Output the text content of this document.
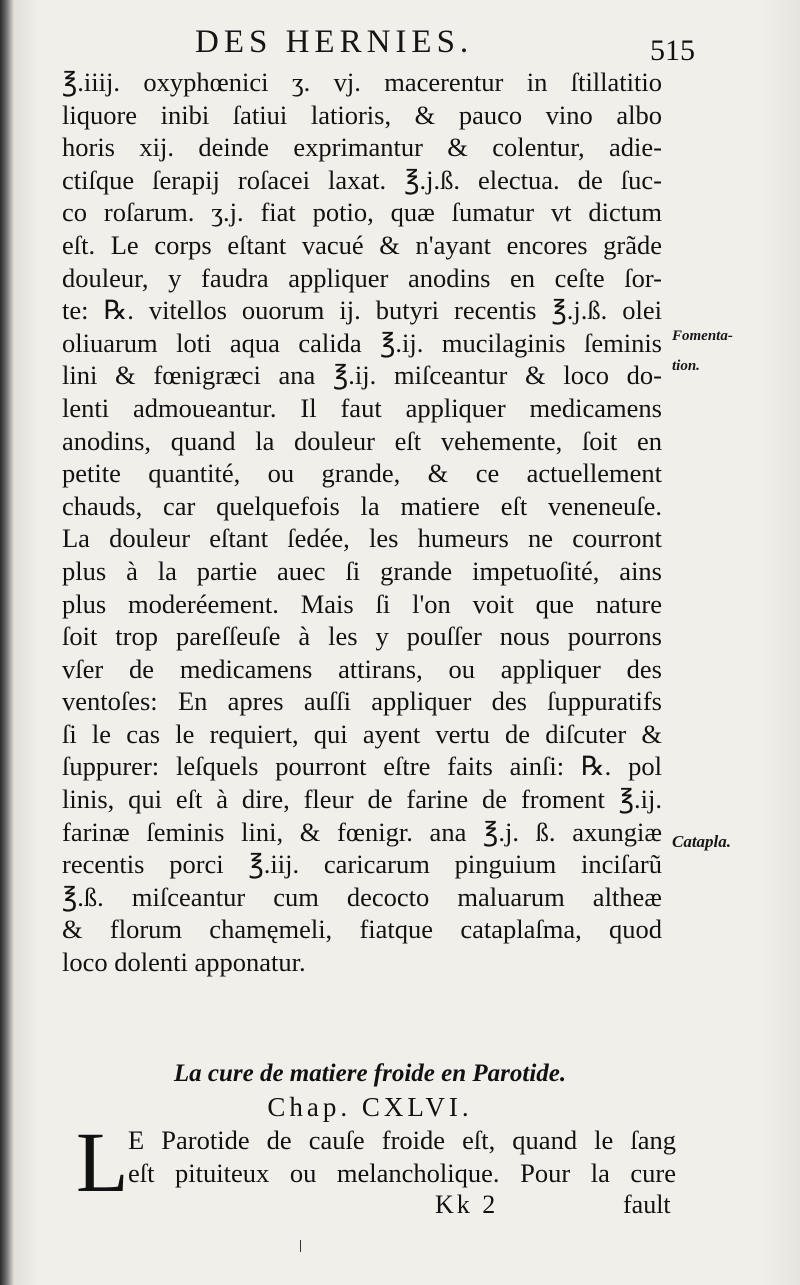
DES HERNIES.	515
℥.iiij. oxyphœnici ʒ. vj. macerentur in ſtillatitio
liquore inibi ſatiui latioris, & pauco vino albo
horis xij. deinde exprimantur & colentur, adie-
ctiſque ſerapij roſacei laxat. ℥.j.ß. electua. de ſuc-
co roſarum. ʒ.j. fiat potio, quæ ſumatur vt dictum
eſt. Le corps eſtant vacué & n'ayant encores grãde
douleur, y faudra appliquer anodins en ceſte ſor-
te: ℞. vitellos ouorum ij. butyri recentis ℥.j.ß. olei
oliuarum loti aqua calida ℥.ij. mucilaginis ſeminis
lini & fœnigræci ana ℥.ij. miſceantur & loco do-
lenti admoueantur. Il faut appliquer medicamens
anodins, quand la douleur eſt vehemente, ſoit en
petite quantité, ou grande, & ce actuellement
chauds, car quelquefois la matiere eſt veneneuſe.
La douleur eſtant ſedée, les humeurs ne courront
plus à la partie auec ſi grande impetuoſité, ains
plus moderéement. Mais ſi l'on voit que nature
ſoit trop pareſſeuſe à les y pouſſer nous pourrons
vſer de medicamens attirans, ou appliquer des
ventoſes: En apres auſſi appliquer des ſuppuratifs
ſi le cas le requiert, qui ayent vertu de diſcuter &
ſuppurer: leſquels pourront eſtre faits ainſi: ℞. pol
linis, qui eſt à dire, fleur de farine de froment ℥.ij.
farinæ ſeminis lini, & fœnigr. ana ℥.j. ß. axungiæ
recentis porci ℥.iij. caricarum pinguium inciſarũ
℥.ß. miſceantur cum decocto maluarum altheæ
& florum chamęmeli, fiatque cataplaſma, quod
loco dolenti apponatur.
Fomenta-
tion.
Catapla.
La cure de matiere froide en Parotide.
Chap. CXLVI.
L E Parotide de cauſe froide eſt, quand le ſang
eſt pituiteux ou melancholique. Pour la cure
Kk 2	fault
